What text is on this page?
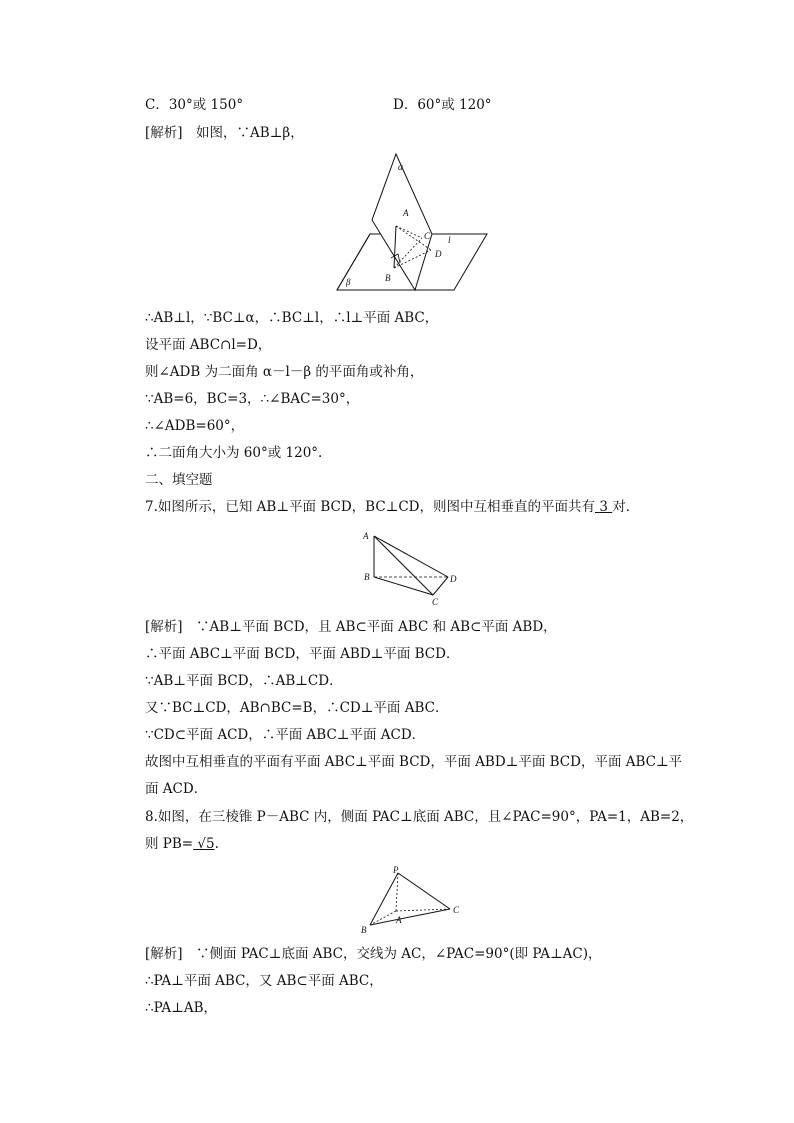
C．30°或 150°	D．60°或 120°
[解析]　如图，∵AB⊥β，
α
β
A
C l
D
B
∴AB⊥l，∵BC⊥α，∴BC⊥l，∴l⊥平面 ABC，
设平面 ABC∩l=D，
则∠ADB 为二面角 α－l－β 的平面角或补角，
∵AB=6，BC=3，∴∠BAC=30°，
∴∠ADB=60°，
∴二面角大小为 60°或 120°.
二、填空题
7.如图所示，已知 AB⊥平面 BCD，BC⊥CD，则图中互相垂直的平面共有 3 对．
A
B	D
C
[解析]　∵AB⊥平面 BCD，且 AB⊂平面 ABC 和 AB⊂平面 ABD，
∴平面 ABC⊥平面 BCD，平面 ABD⊥平面 BCD．
∵AB⊥平面 BCD，∴AB⊥CD．
又∵BC⊥CD，AB∩BC=B，∴CD⊥平面 ABC．
∵CD⊂平面 ACD，∴平面 ABC⊥平面 ACD．
故图中互相垂直的平面有平面 ABC⊥平面 BCD，平面 ABD⊥平面 BCD，平面 ABC⊥平
面 ACD．
8.如图，在三棱锥 P－ABC 内，侧面 PAC⊥底面 ABC，且∠PAC=90°，PA=1，AB=2，
则 PB= √5.
P
A
B
C
[解析]　∵侧面 PAC⊥底面 ABC，交线为 AC，∠PAC=90°(即 PA⊥AC)，
∴PA⊥平面 ABC，又 AB⊂平面 ABC，
∴PA⊥AB，
